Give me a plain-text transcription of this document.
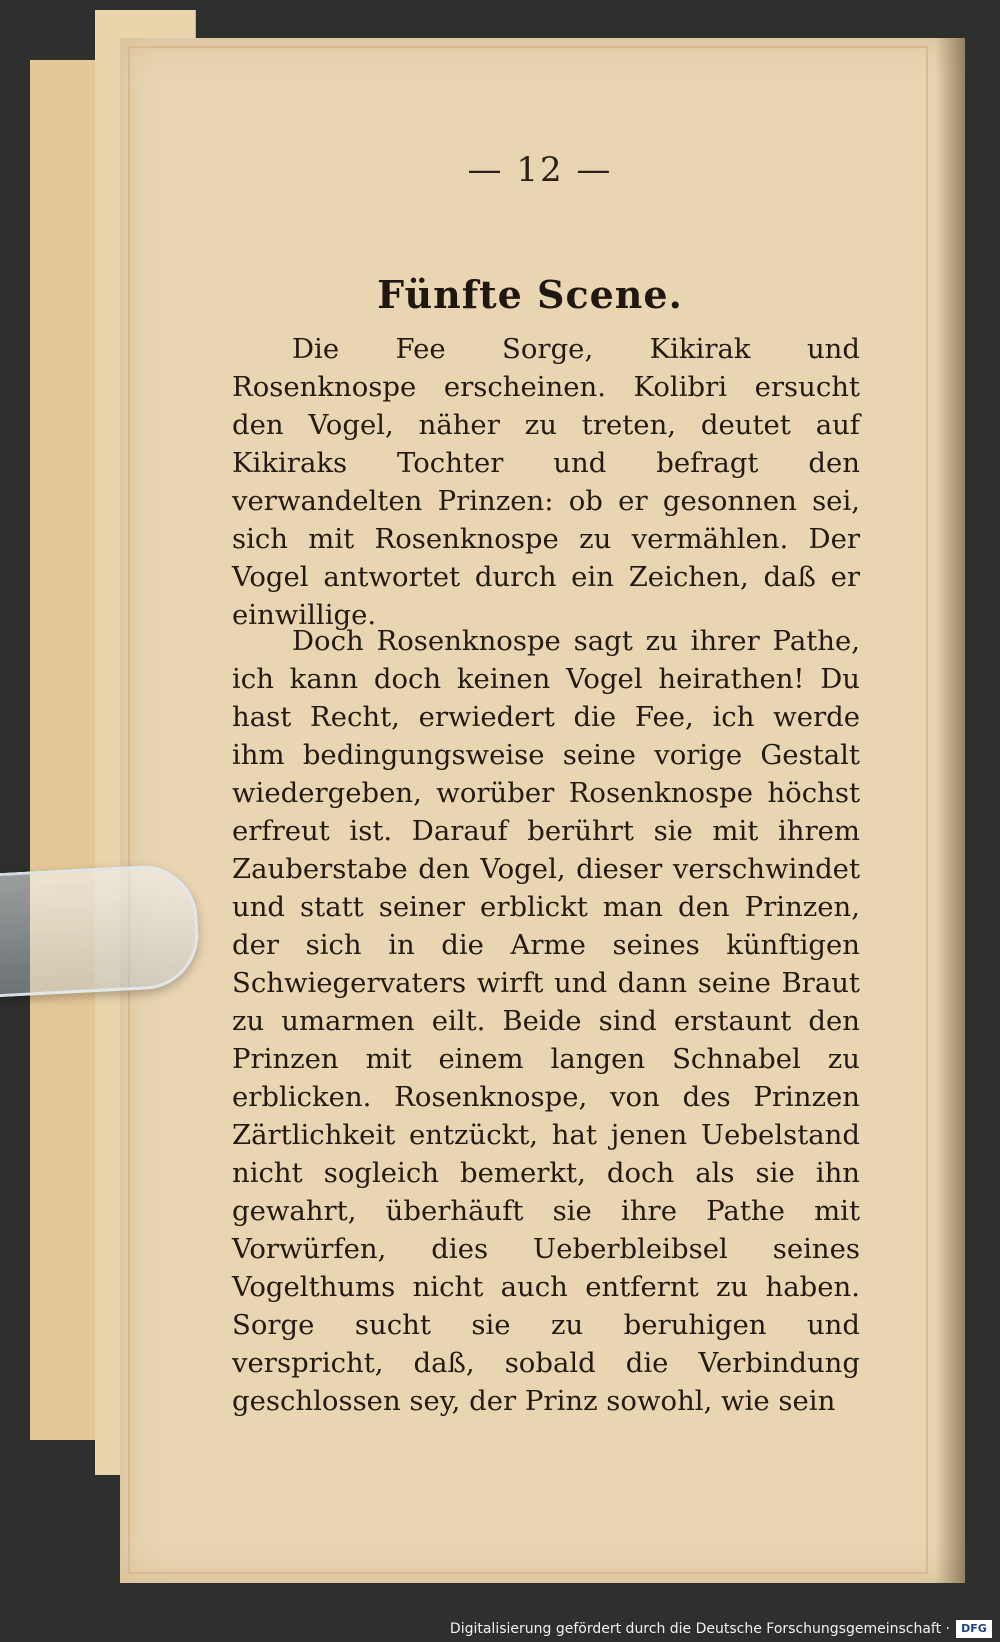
— 12 —
Fünfte Scene.
Die Fee Sorge, Kikirak und Rosenknospe erscheinen. Kolibri ersucht den Vogel, näher zu treten, deutet auf Kikiraks Tochter und befragt den verwandelten Prinzen: ob er gesonnen sei, sich mit Rosenknospe zu vermählen. Der Vogel antwortet durch ein Zeichen, daß er einwillige.
Doch Rosenknospe sagt zu ihrer Pathe, ich kann doch keinen Vogel heirathen! Du hast Recht, erwiedert die Fee, ich werde ihm bedingungsweise seine vorige Gestalt wiedergeben, worüber Rosenknospe höchst erfreut ist. Darauf berührt sie mit ihrem Zauberstabe den Vogel, dieser verschwindet und statt seiner erblickt man den Prinzen, der sich in die Arme seines künftigen Schwiegervaters wirft und dann seine Braut zu umarmen eilt. Beide sind erstaunt den Prinzen mit einem langen Schnabel zu erblicken. Rosenknospe, von des Prinzen Zärtlichkeit entzückt, hat jenen Uebelstand nicht sogleich bemerkt, doch als sie ihn gewahrt, überhäuft sie ihre Pathe mit Vorwürfen, dies Ueberbleibsel seines Vogelthums nicht auch entfernt zu haben. Sorge sucht sie zu beruhigen und verspricht, daß, sobald die Verbindung geschlossen sey, der Prinz sowohl, wie sein
Digitalisierung gefördert durch die Deutsche Forschungsgemeinschaft ·	DFG
